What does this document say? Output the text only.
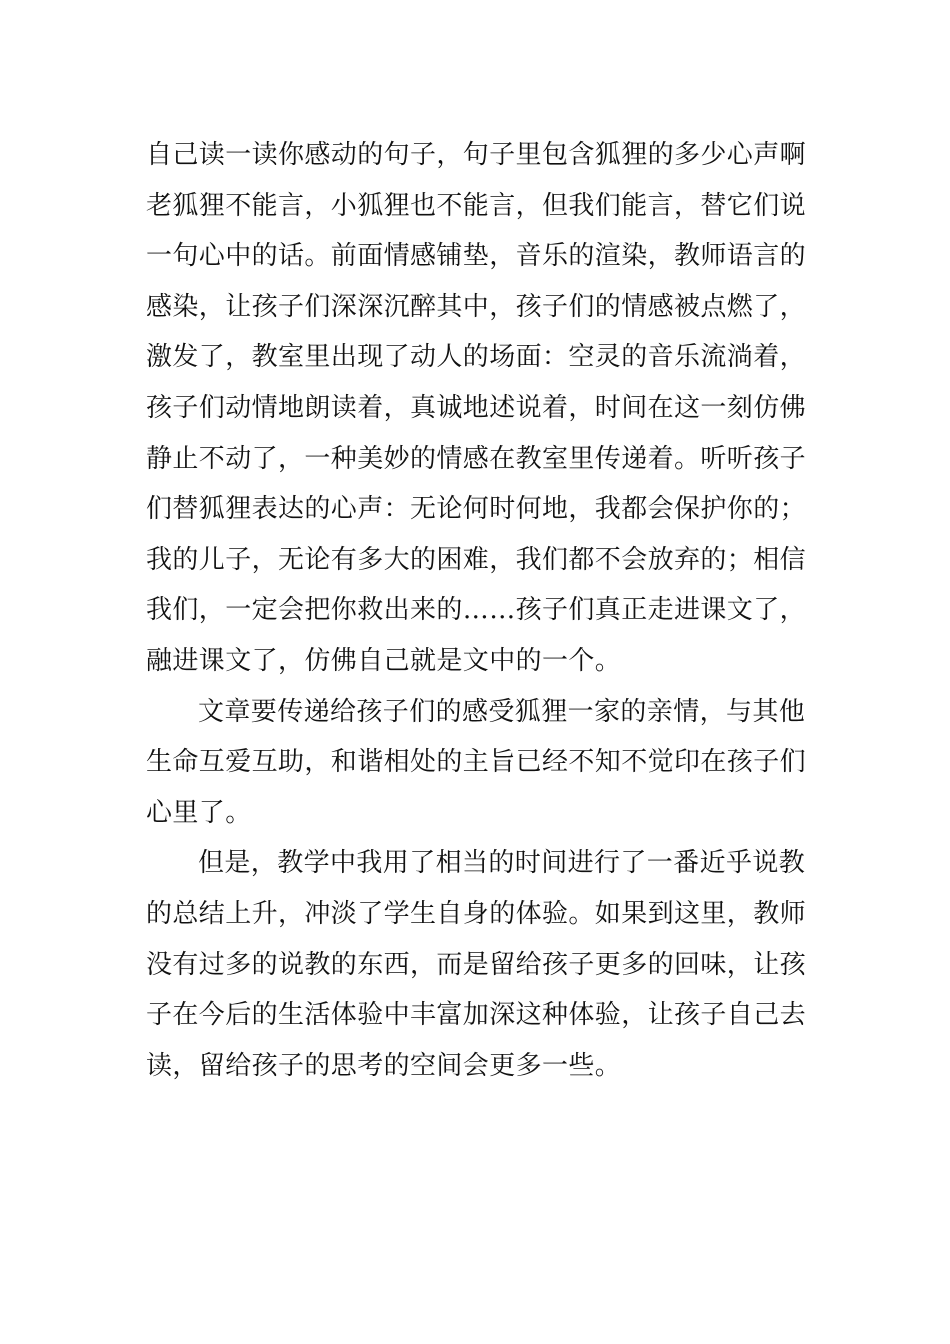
自己读一读你感动的句子，句子里包含狐狸的多少心声啊
老狐狸不能言，小狐狸也不能言，但我们能言，替它们说
一句心中的话。前面情感铺垫，音乐的渲染，教师语言的
感染，让孩子们深深沉醉其中，孩子们的情感被点燃了，
激发了，教室里出现了动人的场面：空灵的音乐流淌着，
孩子们动情地朗读着，真诚地述说着，时间在这一刻仿佛
静止不动了，一种美妙的情感在教室里传递着。听听孩子
们替狐狸表达的心声：无论何时何地，我都会保护你的；
我的儿子，无论有多大的困难，我们都不会放弃的；相信
我们，一定会把你救出来的……孩子们真正走进课文了，
融进课文了，仿佛自己就是文中的一个。
文章要传递给孩子们的感受狐狸一家的亲情，与其他
生命互爱互助，和谐相处的主旨已经不知不觉印在孩子们
心里了。
但是，教学中我用了相当的时间进行了一番近乎说教
的总结上升，冲淡了学生自身的体验。如果到这里，教师
没有过多的说教的东西，而是留给孩子更多的回味，让孩
子在今后的生活体验中丰富加深这种体验，让孩子自己去
读，留给孩子的思考的空间会更多一些。
